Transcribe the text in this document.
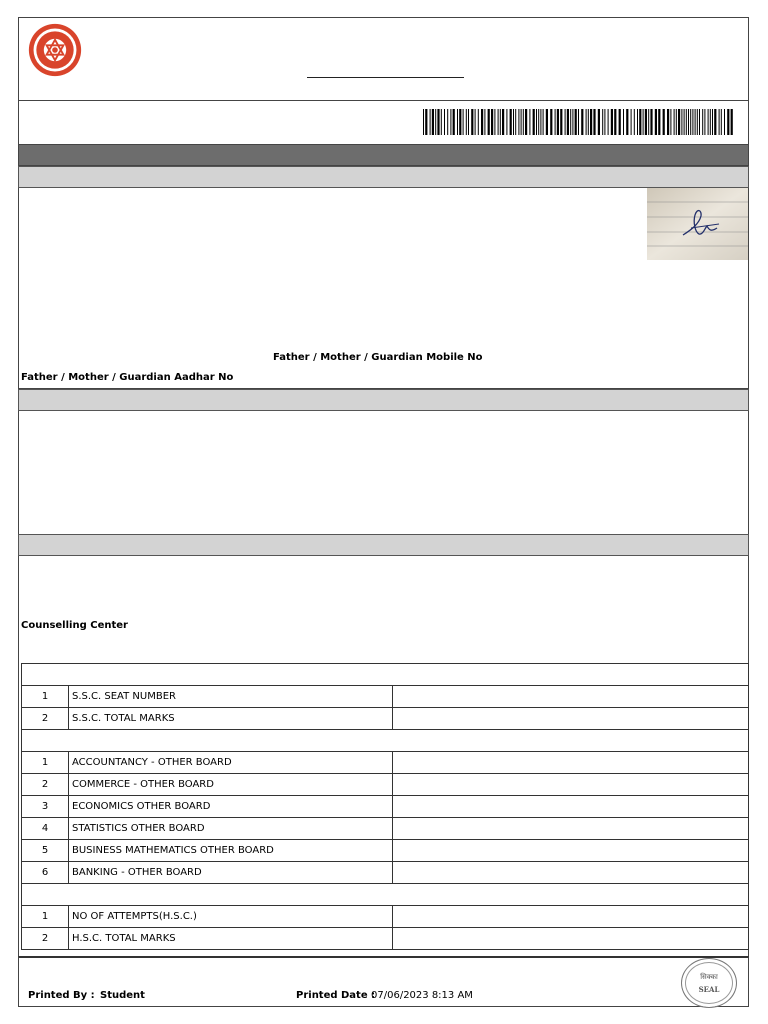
Father / Mother / Guardian Mobile No
Father / Mother / Guardian Aadhar No
Counselling Center

1	S.S.C. SEAT NUMBER	
2	S.S.C. TOTAL MARKS	

1	ACCOUNTANCY - OTHER BOARD	
2	COMMERCE - OTHER BOARD	
3	ECONOMICS OTHER BOARD	
4	STATISTICS OTHER BOARD	
5	BUSINESS MATHEMATICS OTHER BOARD	
6	BANKING - OTHER BOARD	

1	NO OF ATTEMPTS(H.S.C.)	
2	H.S.C. TOTAL MARKS	
Printed By : Student	Printed Date :
07/06/2023 8:13 AM
सिक्का
SEAL
